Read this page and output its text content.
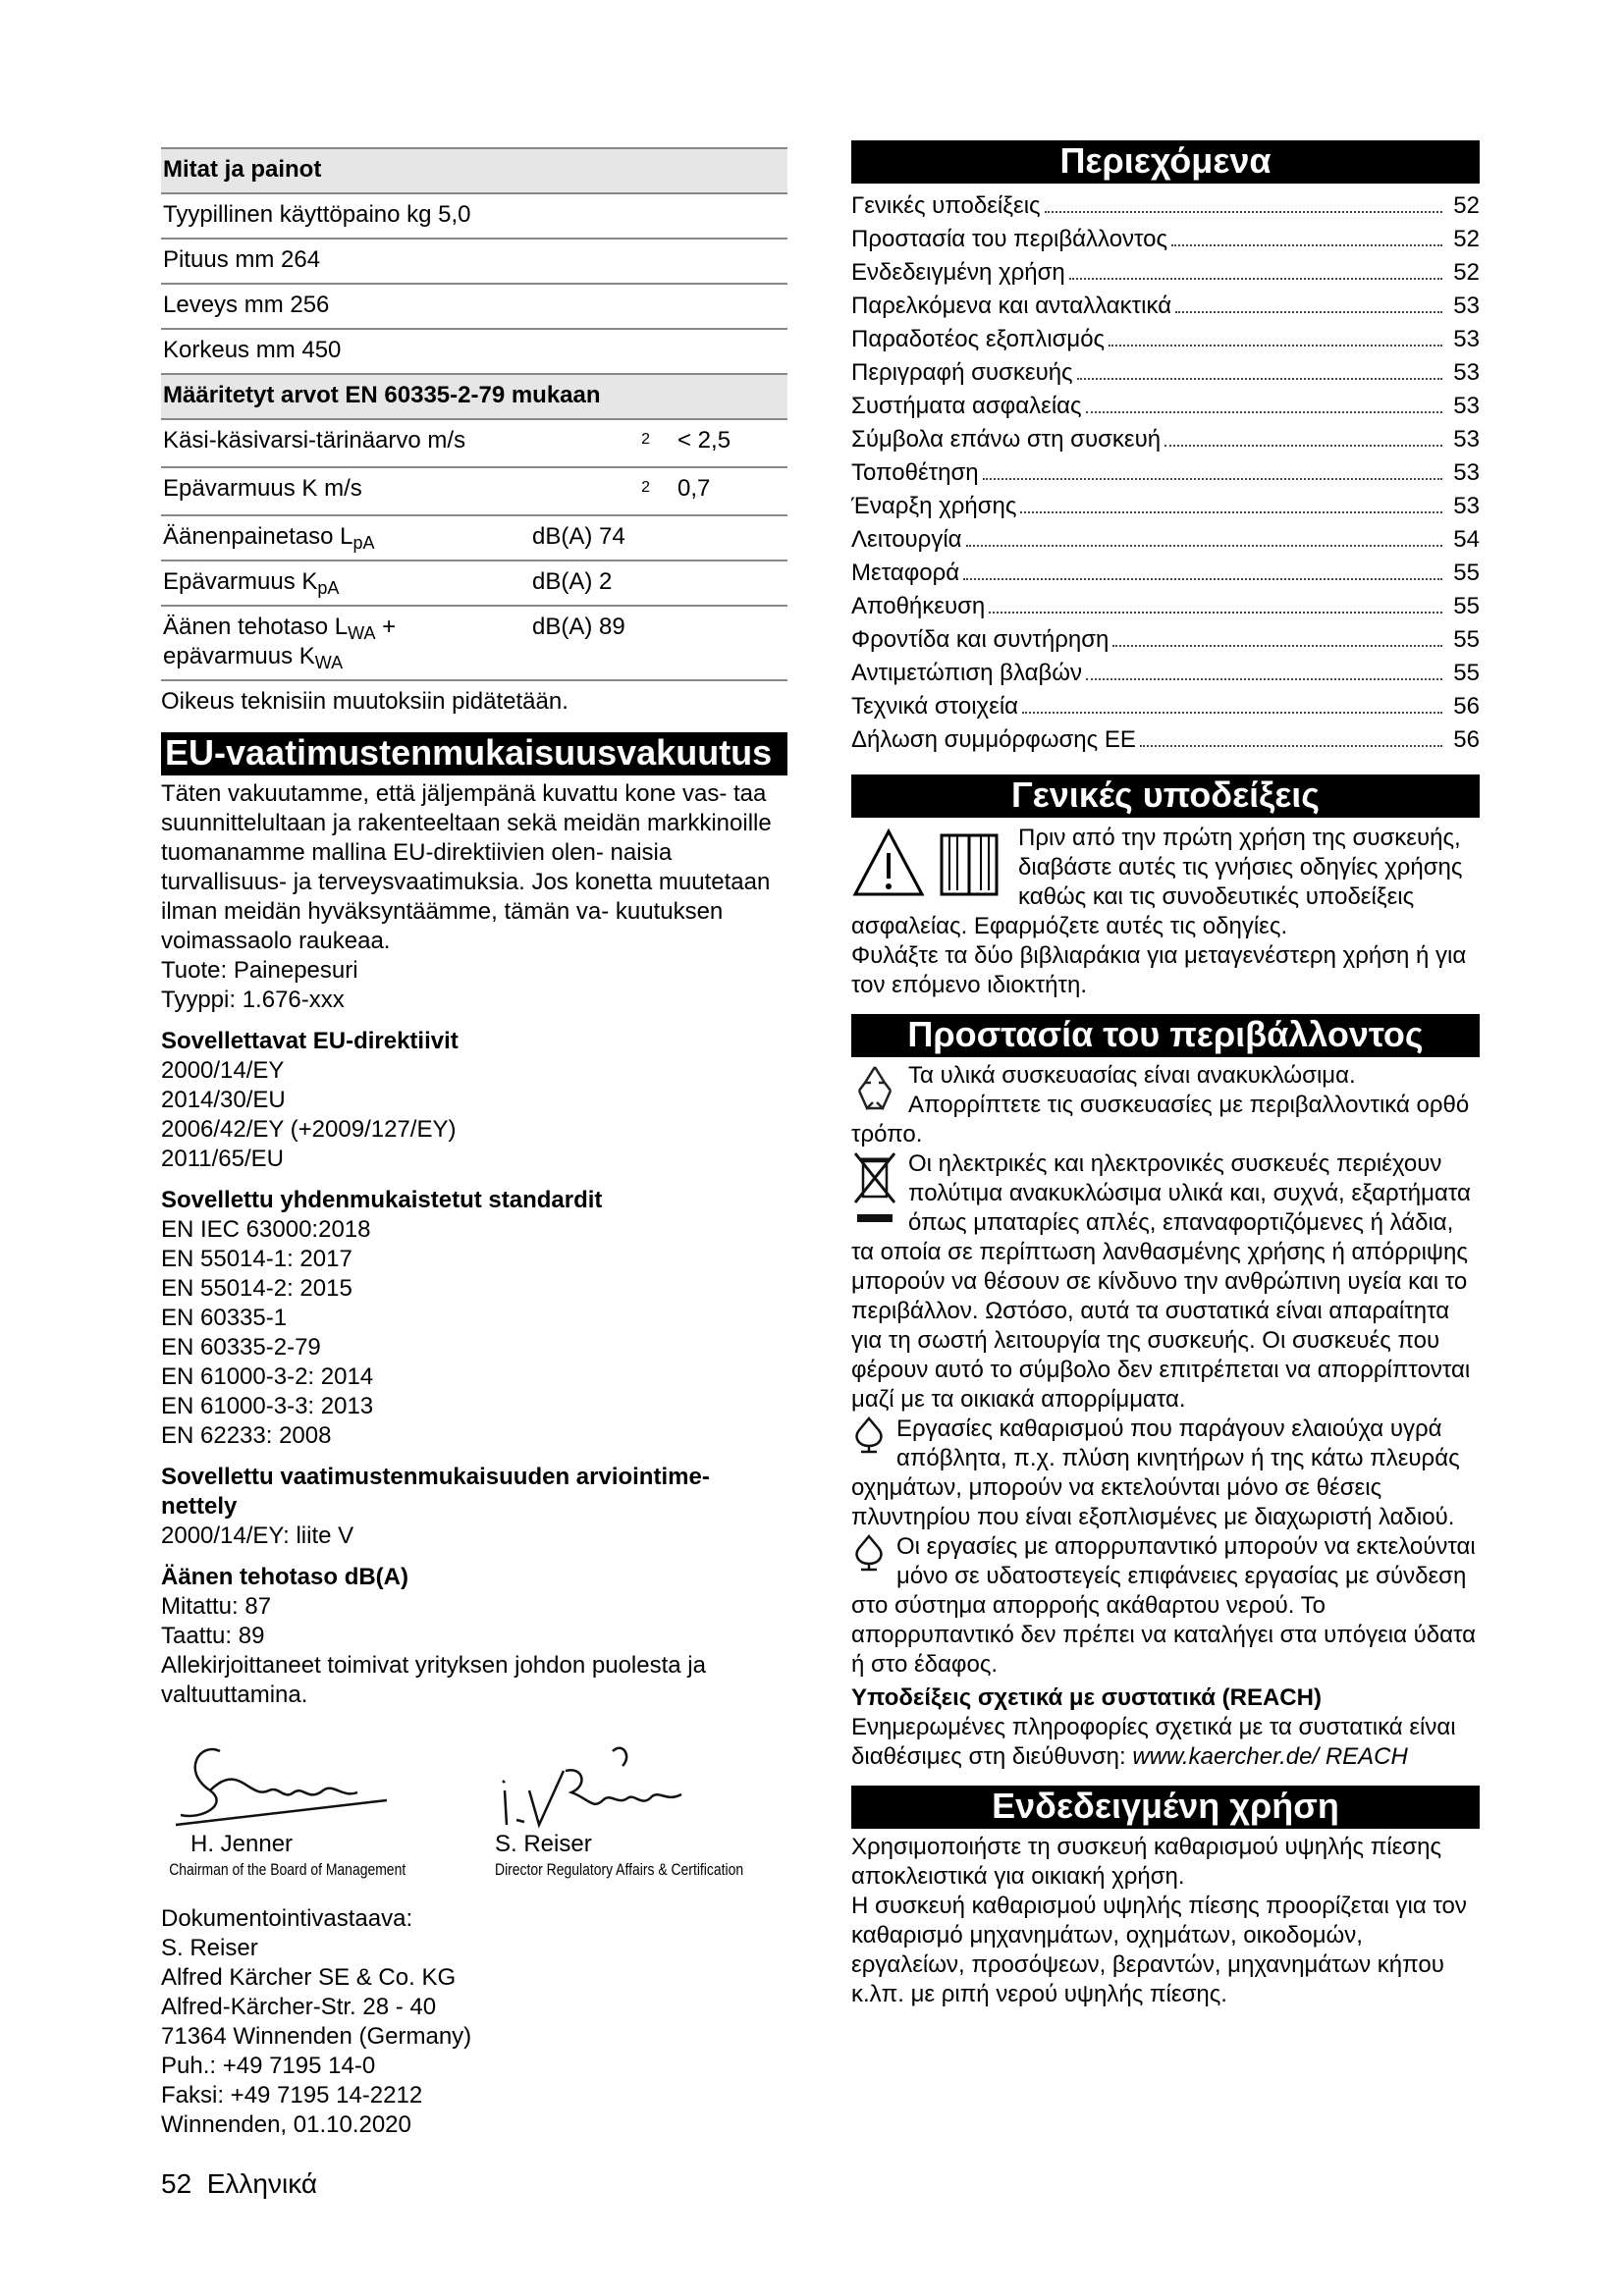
Mitat ja painot		
Tyypillinen käyttöpaino kg 5,0		
Pituus mm 264		
Leveys mm 256		
Korkeus mm 450		
Määritetyt arvot EN 60335-2-79 mukaan		
Käsi-käsivarsi-tärinäarvo m/s	$^2$	< 2,5
Epävarmuus K m/s	$^2$	0,7
Äänenpainetaso $L_{pA}$	dB(A) 74	
Epävarmuus $K_{pA}$	dB(A) 2	
Äänen tehotaso $L_{WA}$ +
epävarmuus $K_{WA}$	dB(A) 89	

Oikeus teknisiin muutoksiin pidätetään.

EU-vaatimustenmukaisuusvakuutus

Täten vakuutamme, että jäljempänä kuvattu kone vas- taa suunnittelultaan ja rakenteeltaan sekä meidän markkinoille tuomanamme mallina EU-direktiivien olen- naisia turvallisuus- ja terveysvaatimuksia. Jos konetta muutetaan ilman meidän hyväksyntäämme, tämän va- kuutuksen voimassaolo raukeaa.

Tuote: Painepesuri

Tyyppi: 1.676-xxx

Sovellettavat EU-direktiivit

2000/14/EY

2014/30/EU

2006/42/EY (+2009/127/EY)

2011/65/EU

Sovellettu yhdenmukaistetut standardit

EN IEC 63000:2018

EN 55014-1: 2017

EN 55014-2: 2015

EN 60335-1

EN 60335-2-79

EN 61000-3-2: 2014

EN 61000-3-3: 2013

EN 62233: 2008

Sovellettu vaatimustenmukaisuuden arviointime- nettely

2000/14/EY: liite V

Äänen tehotaso dB(A)

Mitattu: 87

Taattu: 89

Allekirjoittaneet toimivat yrityksen johdon puolesta ja valtuuttamina.

H. Jenner
Chairman of the Board of Management
S. Reiser
Director Regulatory Affairs & Certification

Dokumentointivastaava:

S. Reiser

Alfred Kärcher SE & Co. KG

Alfred-Kärcher-Str. 28 - 40

71364 Winnenden (Germany)

Puh.: +49 7195 14-0

Faksi: +49 7195 14-2212

Winnenden, 01.10.2020

Περιεχόμενα
Γενικές υποδείξεις	52
Προστασία του περιβάλλοντος	52
Ενδεδειγμένη χρήση	52
Παρελκόμενα και ανταλλακτικά	53
Παραδοτέος εξοπλισμός	53
Περιγραφή συσκευής	53
Συστήματα ασφαλείας	53
Σύμβολα επάνω στη συσκευή	53
Τοποθέτηση	53
Έναρξη χρήσης	53
Λειτουργία	54
Μεταφορά	55
Αποθήκευση	55
Φροντίδα και συντήρηση	55
Αντιμετώπιση βλαβών	55
Τεχνικά στοιχεία	56
Δήλωση συμμόρφωσης ΕΕ	56
Γενικές υποδείξεις

Πριν από την πρώτη χρήση της συσκευής, διαβάστε αυτές τις γνήσιες οδηγίες χρήσης καθώς και τις συνοδευτικές υποδείξεις ασφαλείας. Εφαρμόζετε αυτές τις οδηγίες.

Φυλάξτε τα δύο βιβλιαράκια για μεταγενέστερη χρήση ή για τον επόμενο ιδιοκτήτη.

Προστασία του περιβάλλοντος

Τα υλικά συσκευασίας είναι ανακυκλώσιμα. Απορρίπτετε τις συσκευασίες με περιβαλλοντικά ορθό τρόπο.

Οι ηλεκτρικές και ηλεκτρονικές συσκευές περιέχουν πολύτιμα ανακυκλώσιμα υλικά και, συχνά, εξαρτήματα όπως μπαταρίες απλές, επαναφορτιζόμενες ή λάδια, τα οποία σε περίπτωση λανθασμένης χρήσης ή απόρριψης μπορούν να θέσουν σε κίνδυνο την ανθρώπινη υγεία και το περιβάλλον. Ωστόσο, αυτά τα συστατικά είναι απαραίτητα για τη σωστή λειτουργία της συσκευής. Οι συσκευές που φέρουν αυτό το σύμβολο δεν επιτρέπεται να απορρίπτονται μαζί με τα οικιακά απορρίμματα.

Εργασίες καθαρισμού που παράγουν ελαιούχα υγρά απόβλητα, π.χ. πλύση κινητήρων ή της κάτω πλευράς οχημάτων, μπορούν να εκτελούνται μόνο σε θέσεις πλυντηρίου που είναι εξοπλισμένες με διαχωριστή λαδιού.

Οι εργασίες με απορρυπαντικό μπορούν να εκτελούνται μόνο σε υδατοστεγείς επιφάνειες εργασίας με σύνδεση στο σύστημα απορροής ακάθαρτου νερού. Το απορρυπαντικό δεν πρέπει να καταλήγει στα υπόγεια ύδατα ή στο έδαφος.

Υποδείξεις σχετικά με συστατικά (REACH)

Ενημερωμένες πληροφορίες σχετικά με τα συστατικά είναι διαθέσιμες στη διεύθυνση: www.kaercher.de/ REACH

Ενδεδειγμένη χρήση

Χρησιμοποιήστε τη συσκευή καθαρισμού υψηλής πίεσης αποκλειστικά για οικιακή χρήση.

Η συσκευή καθαρισμού υψηλής πίεσης προορίζεται για τον καθαρισμό μηχανημάτων, οχημάτων, οικοδομών, εργαλείων, προσόψεων, βεραντών, μηχανημάτων κήπου κ.λπ. με ριπή νερού υψηλής πίεσης.

52 Ελληνικά
